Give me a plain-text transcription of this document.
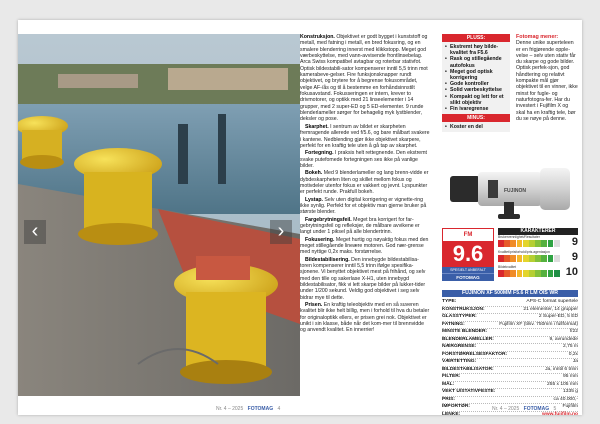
‹	›
Nr. 4 – 2025 FOTOMAG 4

Konstruksjon. Objektivet er godt bygget i kunststoff og metall, med fatning i metall, en bred fokusring, og en smalere blenderring innerst med klikkstopp. Meget god værbeskyttelse, med vann-avvisende frontlinsebelag. Arca Swiss kompatibel avtagbar og roterbar stativfot. Optisk bildestabili-sator kompenserer inntil 5,5 trinn mot kamerabeve-gelser. Fire funksjonsknapper rundt objektivet, og brytere for å begrense fokusområdet, velge AF-/ås og til å bestemme en forhåndsinnstilt fokusavstand. Fokusseringen er intern, krever to drivmotorer, og optikk med 21 linseelementer i 14 grupper, med 2 super-ED og 5 ED-elementer. 9 runde blenderlameller sørger for behagelig myk lystblender, deksler og pose.

Skarphet. I sentrum av bildet er skarpheten fremragende allerede ved f/5.6, og bare målbart svakere i kantene. Nedblending gjør ikke objektivet skarpere, perfekt for en kraftig tele uten å gå tap av skarphet.

Fortegning. I praksis helt rettegnende. Den ekstremt svake putefomede fortegningen ses ikke på vanlige bilder.

Bokeh. Med 9 blenderlameller og lang brenn-vidde er dybdeskarpheten liten og skillet mellom fokus og motivdeler utenfor fokus er vakkert og jevnt. Lyspunkter er perfekt runde. Prakfull bokeh.

Lystap. Selv uten digital korrigering er vignette-ring ikke synlig. Perfekt for et objektiv man gjerne bruker på største blender.

Fargebrytningsfeil. Meget bra korrigert for far-gebrytningsfeil og refleksjer, de målbare avvikene er langt under 1 piksel på alle blendertrinn.

Fokusering. Meget hurtig og nøyaktig fokus med den meget stillegående lineære motoren. God nær-grense med nyttige 0,2x maks. forstørrelse.

Bildestabilisering. Den innebygde bildestabilisa-toren kompenserer inntil 5,5 trinn ifølge spesifika-sjonene. Vi benyttet objektivet mest på frihånd, og selv med den tille og sakerlase X-H1, uten innebygd bildestabilisator, fikk vi lett skarpe bilder på lukker-tider under 1/200 sekund. Veldig god objektivet i seg selv bidrar mye til dette.

Prisen. En kraftig teleobjektiv med en så suveren kvalitet blir ikke helt billig, men i forhold til hva du betaler for originaloptikk ellers, er prisen grei nok. Objektivet er unikt i sin klasse, både når det kom-mer til brennvidde og anvendt kvalitet. En innerrier!

PLUSS:
• Ekstremt høy bilde-kvalitet fra F5.6
• Rask og stillegående autofokus
• Meget god optisk korrigering
• Gode kontroller
• Solid værbeskyttelse
• Kompakt og lett for et slikt objektiv
• Fin ivaregrense
MINUS:
• Koster en del
Fotomag mener:
Denne unike superteleen er en frigjørende opple-velse – selv uten stativ får du skarpe og gode bilder. Optisk perfek-sjon, god håndtering og relativt kompakte mål gjør objektivet til en vinner, ikke minst for fugle- og naturfotogra-fer. Har du investert i Fujifilm X og skal ha en kraftig tele, bør du se nøye på denne.
FUJINON
FM
9.6
SPESIELT ANBEFALT
FOTOMAG
KARAKTERER
Brukervennlighet/Resultater	9
Kvalitet/prisforhold/pris.agentasjon	9
Bildekvalitet	10
FUJINON XF 500MM F5.6 R LM OIS WR
TYPE:	APS-C format supertele
KONSTRUKSJON:	21 elementer, 14 grupper
GLASSTYPER:	2 Super-ED, 5 ED
FATNING:	Fujifilm XF (tilsv. 750mm i fullformat)
MINSTE BLENDER:	f/22
BLENDERLAMELLER:	9, avrundede
NÆRGRENSE:	2,75 m
FORSTØRRELSESFAKTOR:	0,2x
VÆRTETTING:	Ja
BILDESTABILISATOR:	Ja, inntil 6 trinn
FILTER:	95 mm
MÅL:	255 x 105 mm
VEKT U/STATIVFESTE:	1335 g
PRIS:	ca 40.000,-
IMPORTØR:	Fujifilm
LENKE:	www.fujifilm.no
Nr. 4 – 2025 FOTOMAG 5
